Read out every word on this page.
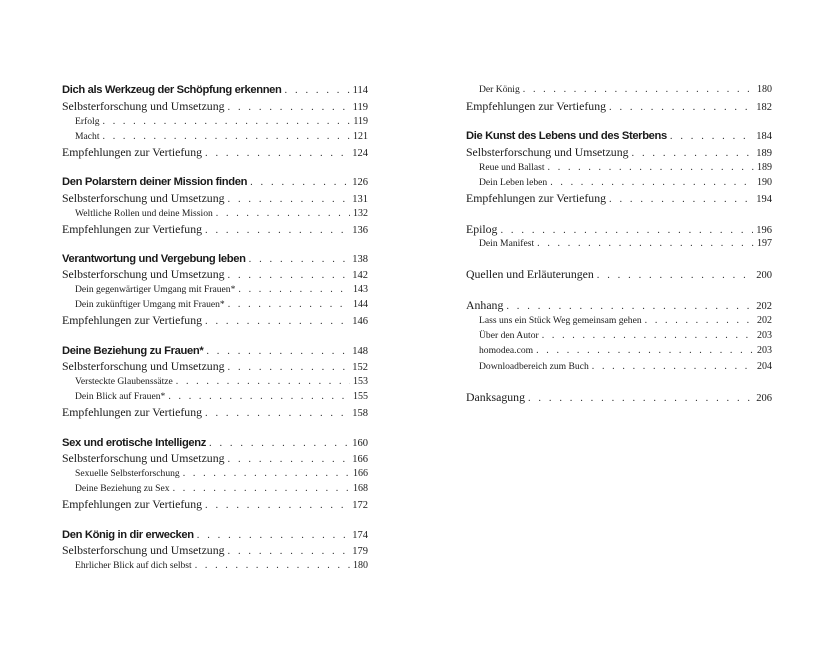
Dich als Werkzeug der Schöpfung erkennen . . .	114
Selbsterforschung und Umsetzung . . .	119
Erfolg . . .	119
Macht . . .	121
Empfehlungen zur Vertiefung . . .	124
Den Polarstern deiner Mission finden . . .	126
Selbsterforschung und Umsetzung . . .	131
Weltliche Rollen und deine Mission . . .	132
Empfehlungen zur Vertiefung . . .	136
Verantwortung und Vergebung leben . . .	138
Selbsterforschung und Umsetzung . . .	142
Dein gegenwärtiger Umgang mit Frauen* . . .	143
Dein zukünftiger Umgang mit Frauen* . . .	144
Empfehlungen zur Vertiefung . . .	146
Deine Beziehung zu Frauen* . . .	148
Selbsterforschung und Umsetzung . . .	152
Versteckte Glaubenssätze . . .	153
Dein Blick auf Frauen* . . .	155
Empfehlungen zur Vertiefung . . .	158
Sex und erotische Intelligenz . . .	160
Selbsterforschung und Umsetzung . . .	166
Sexuelle Selbsterforschung . . .	166
Deine Beziehung zu Sex . . .	168
Empfehlungen zur Vertiefung . . .	172
Den König in dir erwecken . . .	174
Selbsterforschung und Umsetzung . . .	179
Ehrlicher Blick auf dich selbst . . .	180
Der König . . .	180
Empfehlungen zur Vertiefung . . .	182
Die Kunst des Lebens und des Sterbens . . .	184
Selbsterforschung und Umsetzung . . .	189
Reue und Ballast . . .	189
Dein Leben leben . . .	190
Empfehlungen zur Vertiefung . . .	194
Epilog . . .	196
Dein Manifest . . .	197
Quellen und Erläuterungen . . .	200
Anhang . . .	202
Lass uns ein Stück Weg gemeinsam gehen . . .	202
Über den Autor . . .	203
homodea.com . . .	203
Downloadbereich zum Buch . . .	204
Danksagung . . .	206
